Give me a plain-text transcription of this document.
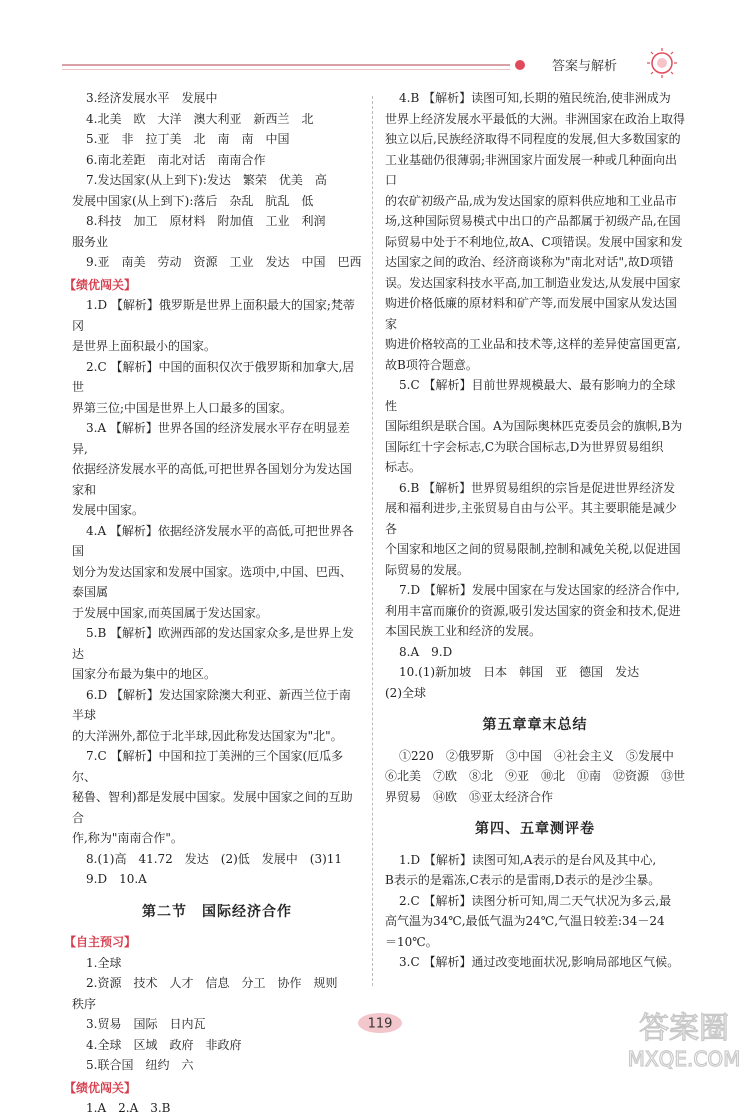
答案与解析

3.经济发展水平　发展中

4.北美　欧　大洋　澳大利亚　新西兰　北

5.亚　非　拉丁美　北　南　南　中国

6.南北差距　南北对话　南南合作

7.发达国家(从上到下):发达　繁荣　优美　高

发展中国家(从上到下):落后　杂乱　肮乱　低

8.科技　加工　原材料　附加值　工业　利润

服务业

9.亚　南美　劳动　资源　工业　发达　中国　巴西

【绩优闯关】

1.D 【解析】俄罗斯是世界上面积最大的国家;梵蒂冈

是世界上面积最小的国家。

2.C 【解析】中国的面积仅次于俄罗斯和加拿大,居世

界第三位;中国是世界上人口最多的国家。

3.A 【解析】世界各国的经济发展水平存在明显差异,

依据经济发展水平的高低,可把世界各国划分为发达国家和

发展中国家。

4.A 【解析】依据经济发展水平的高低,可把世界各国

划分为发达国家和发展中国家。选项中,中国、巴西、泰国属

于发展中国家,而英国属于发达国家。

5.B 【解析】欧洲西部的发达国家众多,是世界上发达

国家分布最为集中的地区。

6.D 【解析】发达国家除澳大利亚、新西兰位于南半球

的大洋洲外,都位于北半球,因此称发达国家为"北"。

7.C 【解析】中国和拉丁美洲的三个国家(厄瓜多尔、

秘鲁、智利)都是发展中国家。发展中国家之间的互助合

作,称为"南南合作"。

8.(1)高　41.72　发达　(2)低　发展中　(3)11

9.D　10.A

第二节　国际经济合作

【自主预习】

1.全球

2.资源　技术　人才　信息　分工　协作　规则

秩序

3.贸易　国际　日内瓦

4.全球　区域　政府　非政府

5.联合国　纽约　六

【绩优闯关】

1.A　2.A　3.B

4.B 【解析】读图可知,长期的殖民统治,使非洲成为

世界上经济发展水平最低的大洲。非洲国家在政治上取得

独立以后,民族经济取得不同程度的发展,但大多数国家的

工业基础仍很薄弱;非洲国家片面发展一种或几种面向出口

的农矿初级产品,成为发达国家的原料供应地和工业品市

场,这种国际贸易模式中出口的产品都属于初级产品,在国

际贸易中处于不利地位,故A、C项错误。发展中国家和发

达国家之间的政治、经济商谈称为"南北对话",故D项错

误。发达国家科技水平高,加工制造业发达,从发展中国家

购进价格低廉的原材料和矿产等,而发展中国家从发达国家

购进价格较高的工业品和技术等,这样的差异使富国更富,

故B项符合题意。

5.C 【解析】目前世界规模最大、最有影响力的全球性

国际组织是联合国。A为国际奥林匹克委员会的旗帜,B为

国际红十字会标志,C为联合国标志,D为世界贸易组织

标志。

6.B 【解析】世界贸易组织的宗旨是促进世界经济发

展和福利进步,主张贸易自由与公平。其主要职能是减少各

个国家和地区之间的贸易限制,控制和减免关税,以促进国

际贸易的发展。

7.D 【解析】发展中国家在与发达国家的经济合作中,

利用丰富而廉价的资源,吸引发达国家的资金和技术,促进

本国民族工业和经济的发展。

8.A　9.D

10.(1)新加坡　日本　韩国　亚　德国　发达

(2)全球

第五章章末总结

①220　②俄罗斯　③中国　④社会主义　⑤发展中

⑥北美　⑦欧　⑧北　⑨亚　⑩北　⑪南　⑫资源　⑬世

界贸易　⑭欧　⑮亚太经济合作

第四、五章测评卷

1.D 【解析】读图可知,A表示的是台风及其中心,

B表示的是霜冻,C表示的是雷雨,D表示的是沙尘暴。

2.C 【解析】读图分析可知,周二天气状况为多云,最

高气温为34℃,最低气温为24℃,气温日较差:34－24

＝10℃。

3.C 【解析】通过改变地面状况,影响局部地区气候。

119	答案圈
MXQE.COM
